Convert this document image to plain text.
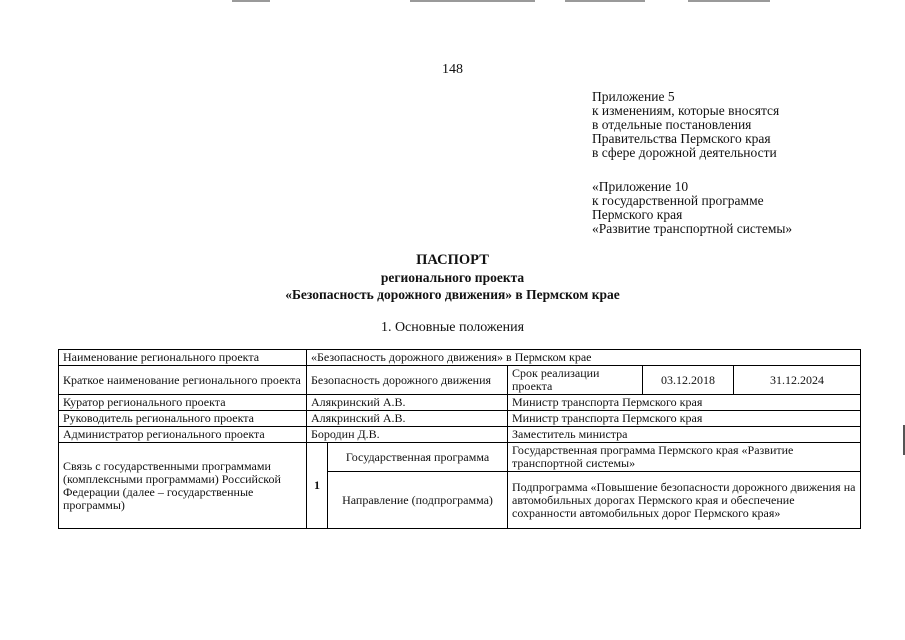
148
Приложение 5
к изменениям, которые вносятся
в отдельные постановления
Правительства Пермского края
в сфере дорожной деятельности
«Приложение 10
к государственной программе
Пермского края
«Развитие транспортной системы»
ПАСПОРТ
регионального проекта
«Безопасность дорожного движения» в Пермском крае
1. Основные положения
Наименование регионального проекта	«Безопасность дорожного движения» в Пермском крае				
Краткое наименование регионального проекта	Безопасность дорожного движения		Срок реализации проекта	03.12.2018	31.12.2024
Куратор регионального проекта	Алякринский А.В.		Министр транспорта Пермского края		
Руководитель регионального проекта	Алякринский А.В.		Министр транспорта Пермского края		
Администратор регионального проекта	Бородин Д.В.		Заместитель министра		
Связь с государственными программами (комплексными программами) Российской Федерации (далее – государственные программы)	1	Государственная программа	Государственная программа Пермского края «Развитие транспортной системы»		
		Направление (подпрограмма)	Подпрограмма «Повышение безопасности дорожного движения на автомобильных дорогах Пермского края и обеспечение сохранности автомобильных дорог Пермского края»		
